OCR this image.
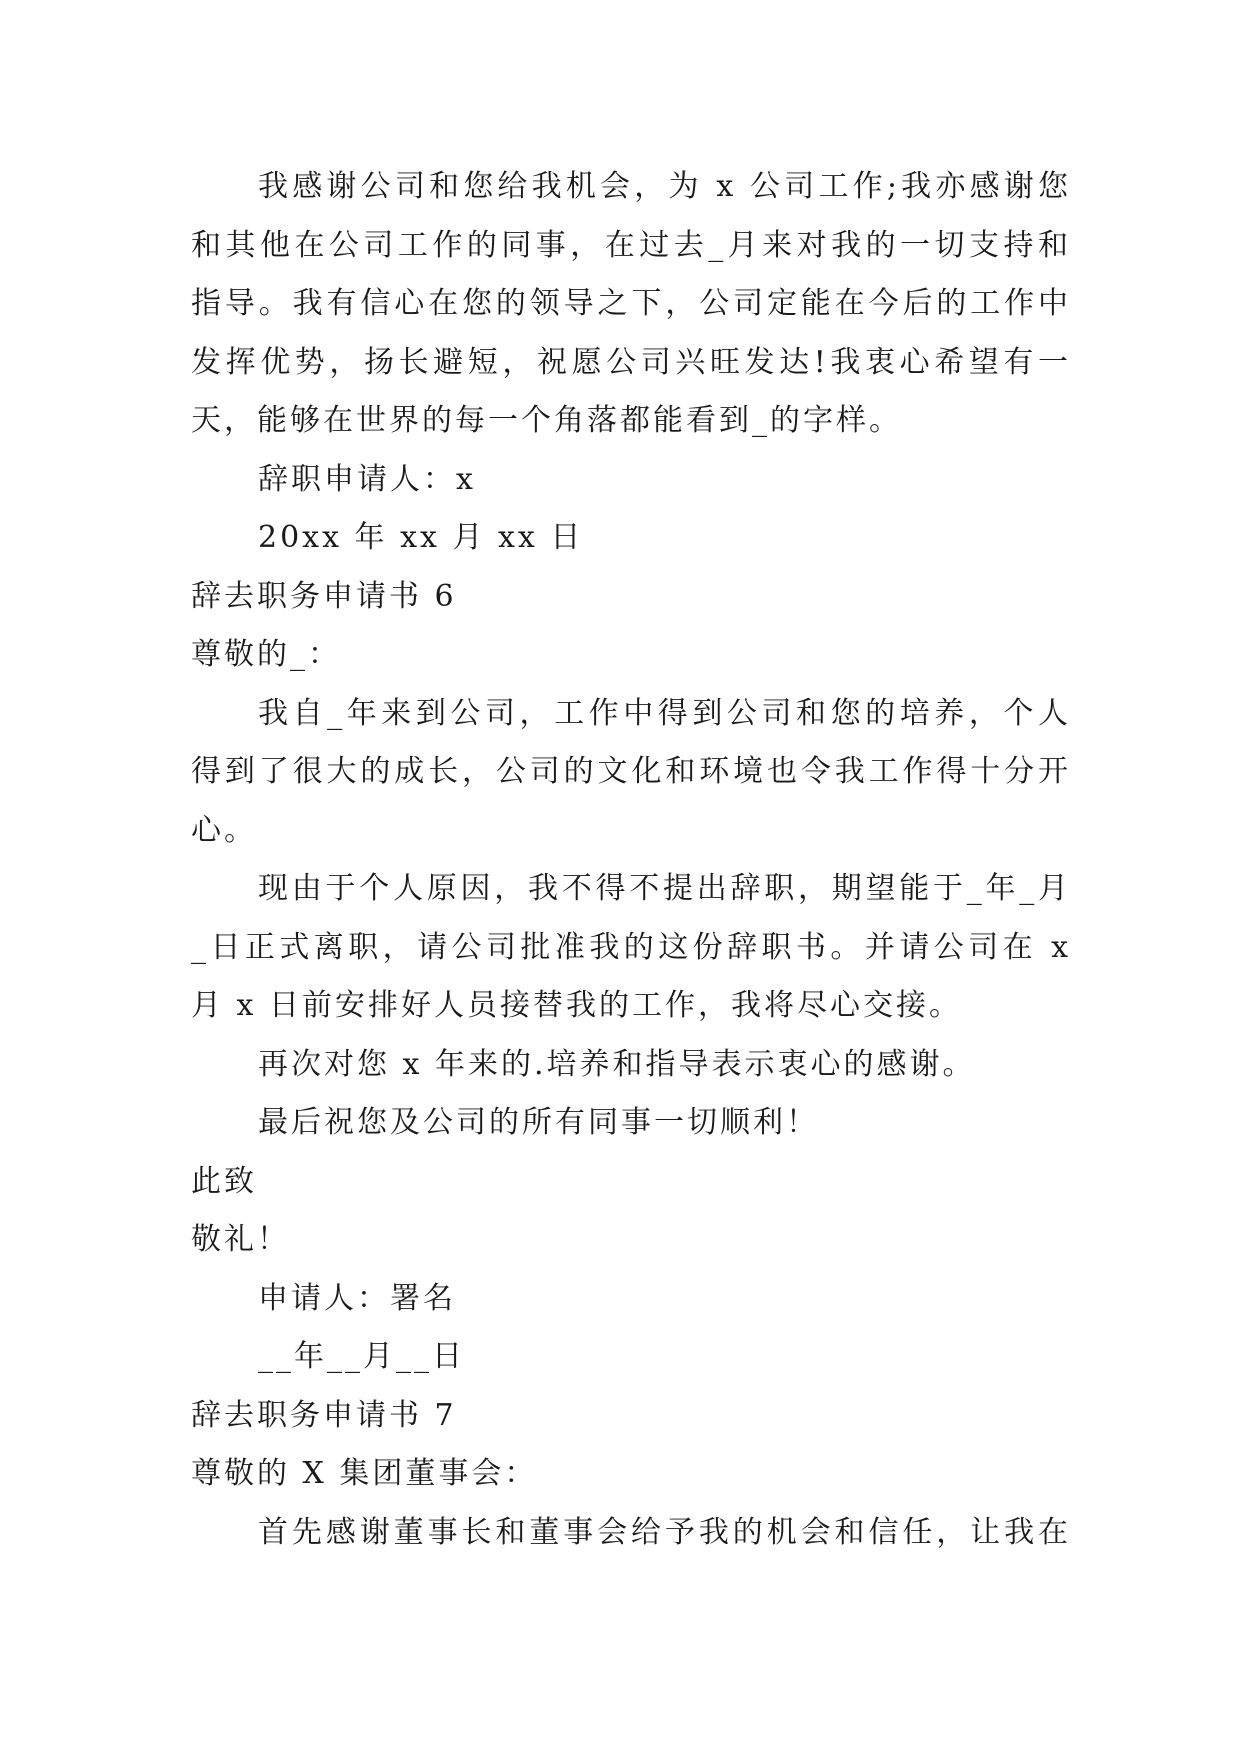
我感谢公司和您给我机会，为 x 公司工作;我亦感谢您
和其他在公司工作的同事，在过去_月来对我的一切支持和
指导。我有信心在您的领导之下，公司定能在今后的工作中
发挥优势，扬长避短，祝愿公司兴旺发达!我衷心希望有一
天，能够在世界的每一个角落都能看到_的字样。
辞职申请人：x
20xx 年 xx 月 xx 日
辞去职务申请书 6
尊敬的_：
我自_年来到公司，工作中得到公司和您的培养，个人
得到了很大的成长，公司的文化和环境也令我工作得十分开
心。
现由于个人原因，我不得不提出辞职，期望能于_年_月
_日正式离职，请公司批准我的这份辞职书。并请公司在 x
月 x 日前安排好人员接替我的工作，我将尽心交接。
再次对您 x 年来的.培养和指导表示衷心的感谢。
最后祝您及公司的所有同事一切顺利！
此致
敬礼！
申请人：署名
__年__月__日
辞去职务申请书 7
尊敬的 X 集团董事会：
首先感谢董事长和董事会给予我的机会和信任，让我在
